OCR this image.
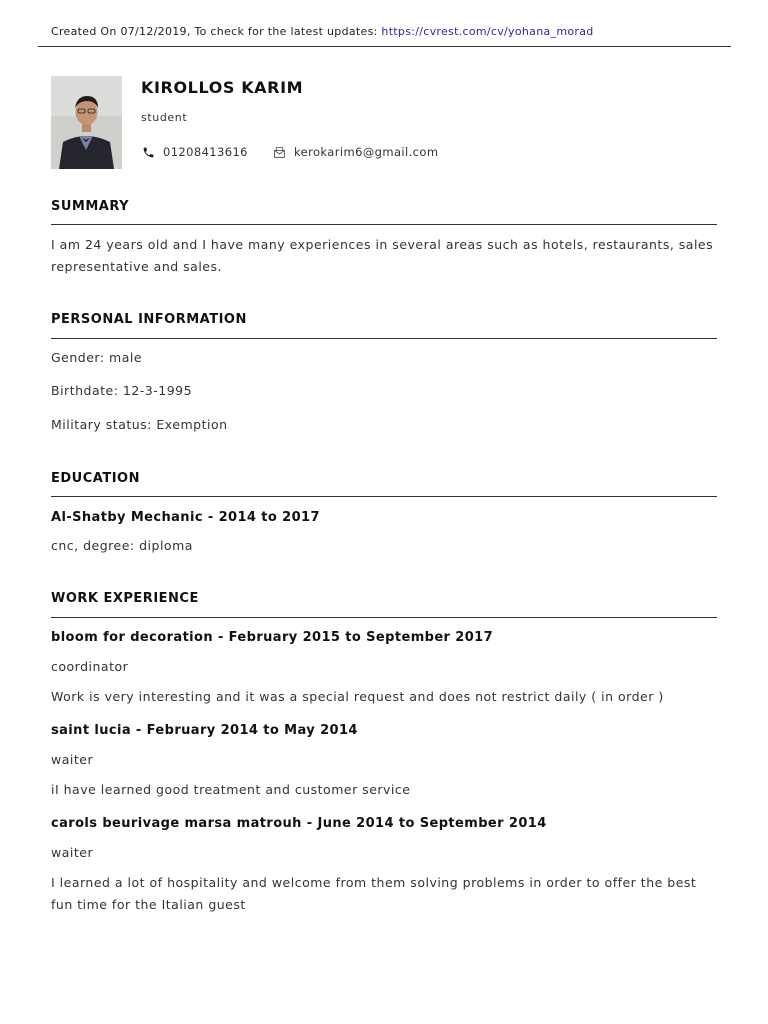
Created On 07/12/2019, To check for the latest updates: https://cvrest.com/cv/yohana_morad
KIROLLOS KARIM
student
01208413616	kerokarim6@gmail.com
SUMMARY
I am 24 years old and I have many experiences in several areas such as hotels, restaurants, sales representative and sales.
PERSONAL INFORMATION
Gender: male
Birthdate: 12-3-1995
Military status: Exemption
EDUCATION
Al-Shatby Mechanic - 2014 to 2017
cnc, degree: diploma
WORK EXPERIENCE
bloom for decoration - February 2015 to September 2017
coordinator
Work is very interesting and it was a special request and does not restrict daily ( in order )
saint lucia - February 2014 to May 2014
waiter
iI have learned good treatment and customer service
carols beurivage marsa matrouh - June 2014 to September 2014
waiter
I learned a lot of hospitality and welcome from them solving problems in order to offer the best fun time for the Italian guest
